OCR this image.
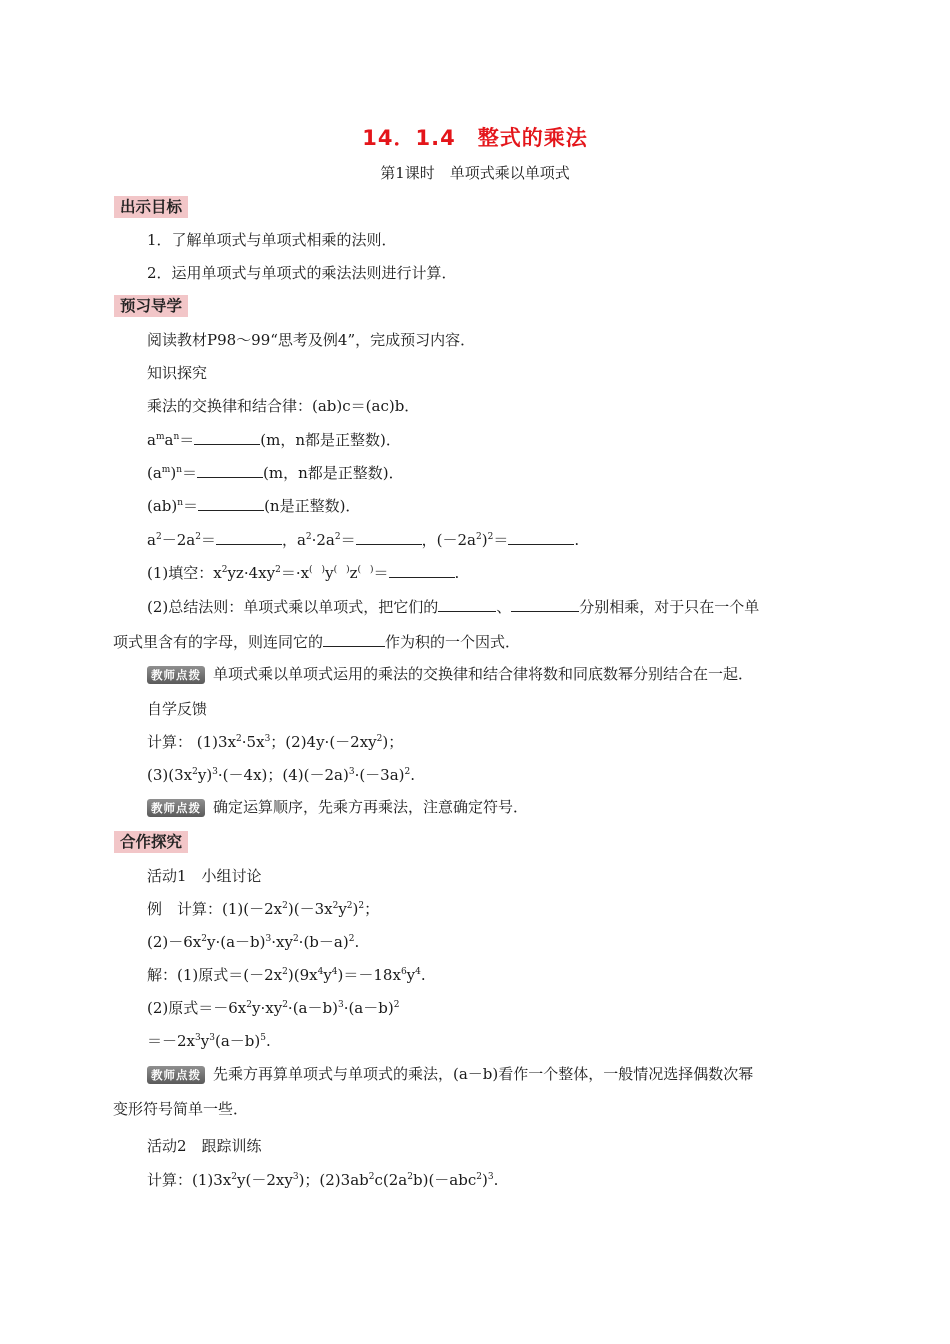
14．1.4　整式的乘法
第1课时　单项式乘以单项式
出示目标
1．了解单项式与单项式相乘的法则．
2．运用单项式与单项式的乘法法则进行计算．
预习导学
阅读教材P98～99“思考及例4”，完成预习内容．
知识探究
乘法的交换律和结合律：(ab)c＝(ac)b．
$a^ma^n=$	(m，n都是正整数)．
$(a^m)^n=$	(m，n都是正整数)．
(ab)$^n$＝	(n是正整数)．
$a^2-2a^2=$	，$a^2\cdot 2a^2=$	，$(-2a^2)^2=$	.
(1)填空：$x^2yz\cdot 4xy^2=\cdot x^{( )}y^{( )}z^{( )}=$	.
(2)总结法则：单项式乘以单项式，把它们的	、	分别相乘，对于只在一个单
项式里含有的字母，则连同它的	作为积的一个因式．
教师点拨 单项式乘以单项式运用的乘法的交换律和结合律将数和同底数幂分别结合在一起．
自学反馈
计算： $(1)3x^2\cdot 5x^3$；$(2)4y\cdot(-2xy^2)$；
$(3)(3x^2y)^3\cdot(-4x)$；$(4)(-2a)^3\cdot(-3a)^2$.
教师点拨 确定运算顺序，先乘方再乘法，注意确定符号．
合作探究
活动1　小组讨论
例　计算：$(1)(-2x^2)(-3x^2y^2)^2$；
$(2)-6x^2y\cdot(a-b)^3\cdot xy^2\cdot(b-a)^2$.
解：(1)原式$=(-2x^2)(9x^4y^4)=-18x^6y^4$.
(2)原式$=-6x^2y\cdot xy^2\cdot(a-b)^3\cdot(a-b)^2$
$=-2x^3y^3(a-b)^5$.
教师点拨 先乘方再算单项式与单项式的乘法，(a－b)看作一个整体，一般情况选择偶数次幂
变形符号简单一些．
活动2　跟踪训练
计算：$(1)3x^2y(-2xy^3)$；$(2)3ab^2c(2a^2b)(-abc^2)^3$.
